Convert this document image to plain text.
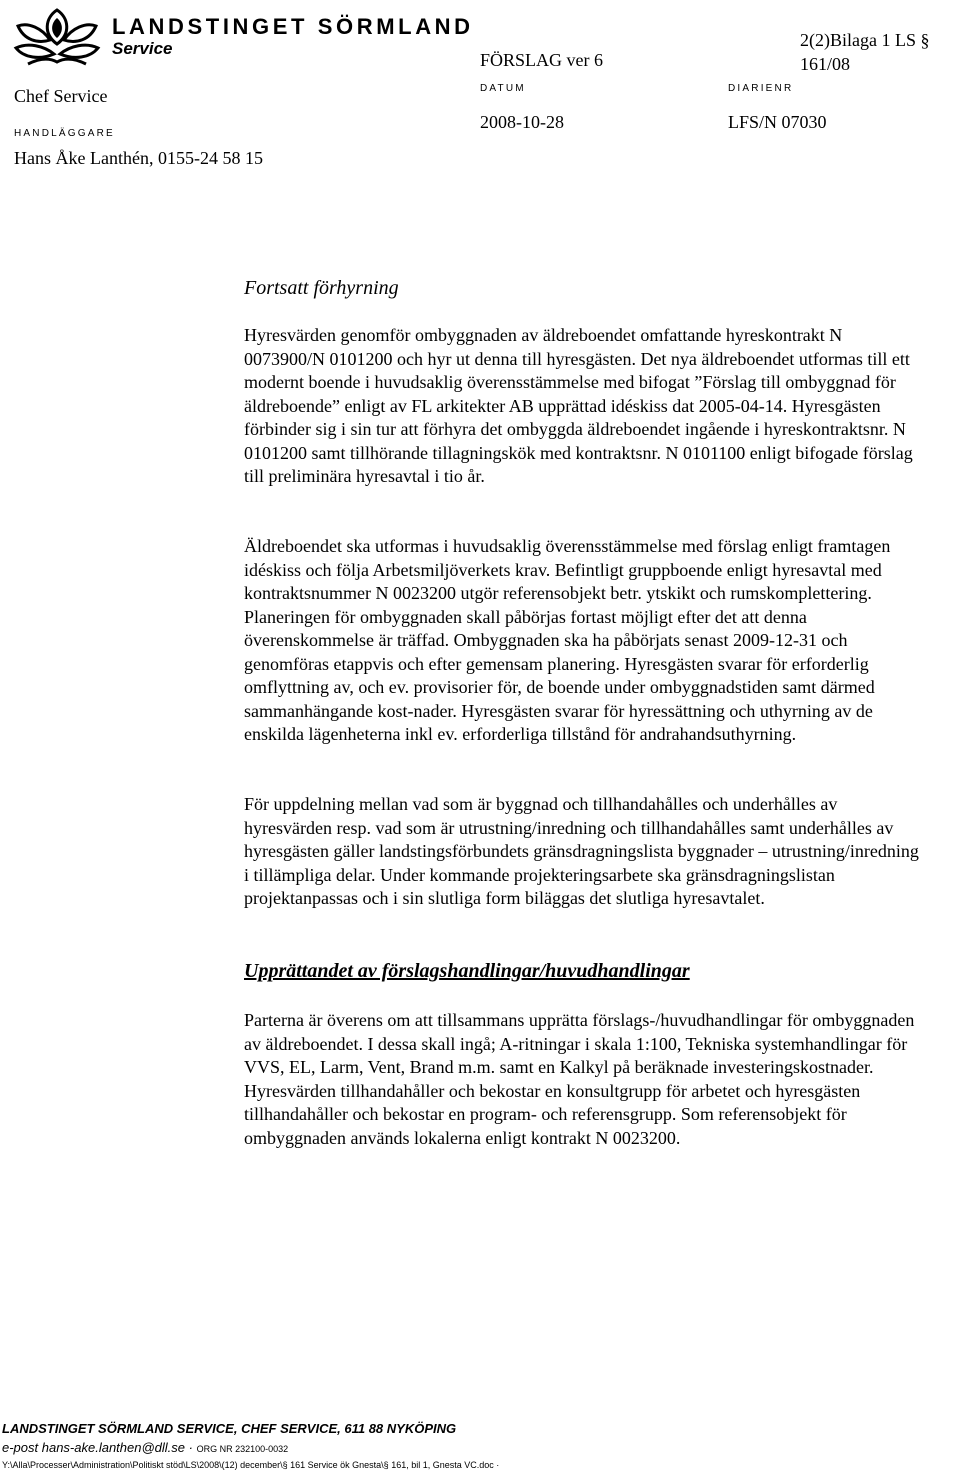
LANDSTINGET SÖRMLAND
Service
FÖRSLAG ver 6
2(2)Bilaga 1 LS §
161/08
Chef Service	DATUM	DIARIENR
2008-10-28	LFS/N 07030
HANDLÄGGARE
Hans Åke Lanthén, 0155-24 58 15
Fortsatt förhyrning

Hyresvärden genomför ombyggnaden av äldreboendet omfattande hyreskontrakt N 0073900/N 0101200 och hyr ut denna till hyresgästen. Det nya äldreboendet utformas till ett modernt boende i huvudsaklig överensstämmelse med bifogat ”Förslag till ombyggnad för äldreboende” enligt av FL arkitekter AB upprättad idéskiss dat 2005-04-14. Hyresgästen förbinder sig i sin tur att förhyra det ombyggda äldreboendet ingående i hyreskontraktsnr. N 0101200 samt tillhörande tillagningskök med kontraktsnr. N 0101100 enligt bifogade förslag till preliminära hyresavtal i tio år.

Äldreboendet ska utformas i huvudsaklig överensstämmelse med förslag enligt framtagen idéskiss och följa Arbetsmiljöverkets krav. Befintligt gruppboende enligt hyresavtal med kontraktsnummer N 0023200 utgör referensobjekt betr. ytskikt och rumskomplettering. Planeringen för ombyggnaden skall påbörjas fortast möjligt efter det att denna överenskommelse är träffad. Ombyggnaden ska ha påbörjats senast 2009-12-31 och genomföras etappvis och efter gemensam planering. Hyresgästen svarar för erforderlig omflyttning av, och ev. provisorier för, de boende under ombyggnadstiden samt därmed sammanhängande kost-nader. Hyresgästen svarar för hyressättning och uthyrning av de enskilda lägenheterna inkl ev. erforderliga tillstånd för andrahandsuthyrning.

För uppdelning mellan vad som är byggnad och tillhandahålles och underhålles av hyresvärden resp. vad som är utrustning/inredning och tillhandahålles samt underhålles av hyresgästen gäller landstingsförbundets gränsdragningslista byggnader – utrustning/inredning i tillämpliga delar. Under kommande projekteringsarbete ska gränsdragningslistan projektanpassas och i sin slutliga form biläggas det slutliga hyresavtalet.

Upprättandet av förslagshandlingar/huvudhandlingar

Parterna är överens om att tillsammans upprätta förslags-/huvudhandlingar för ombyggnaden av äldreboendet. I dessa skall ingå; A-ritningar i skala 1:100, Tekniska systemhandlingar för VVS, EL, Larm, Vent, Brand m.m. samt en Kalkyl på beräknade investeringskostnader. Hyresvärden tillhandahåller och bekostar en konsultgrupp för arbetet och hyresgästen tillhandahåller och bekostar en program- och referensgrupp. Som referensobjekt för ombyggnaden används lokalerna enligt kontrakt N 0023200.

LANDSTINGET SÖRMLAND SERVICE, CHEF SERVICE, 611 88 NYKÖPING
e-post hans-ake.lanthen@dll.se · ORG NR 232100-0032
Y:\Alla\Processer\Administration\Politiskt stöd\LS\2008\(12) december\§ 161 Service ök Gnesta\§ 161, bil 1, Gnesta VC.doc ·
